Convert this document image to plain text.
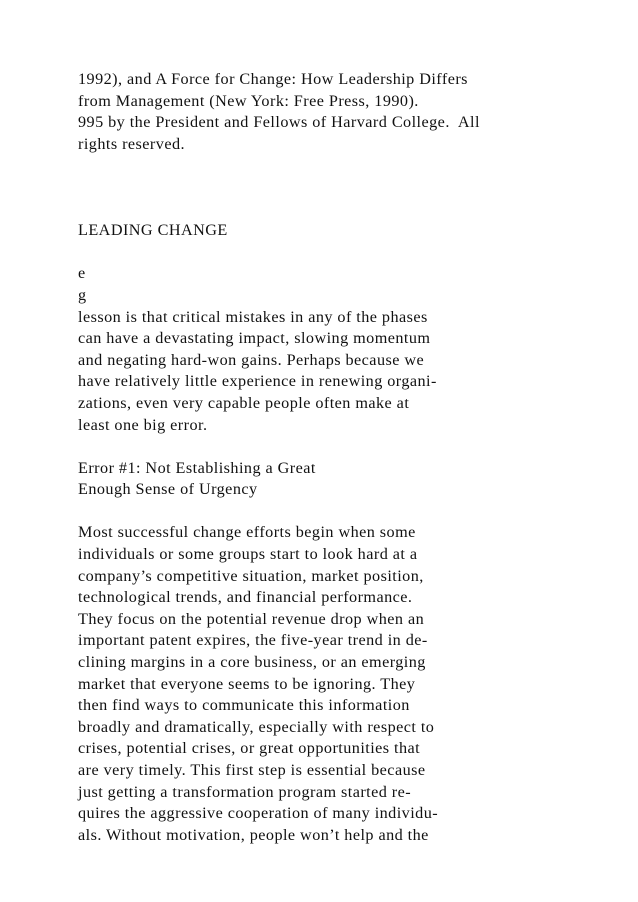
1992), and A Force for Change: How Leadership Differs
from Management (New York: Free Press, 1990).
995 by the President and Fellows of Harvard College.  All
rights reserved.
LEADING CHANGE
e
g
lesson is that critical mistakes in any of the phases
can have a devastating impact, slowing momentum
and negating hard-won gains. Perhaps because we
have relatively little experience in renewing organi-
zations, even very capable people often make at
least one big error.
Error #1: Not Establishing a Great
Enough Sense of Urgency
Most successful change efforts begin when some
individuals or some groups start to look hard at a
company’s competitive situation, market position,
technological trends, and financial performance.
They focus on the potential revenue drop when an
important patent expires, the five-year trend in de-
clining margins in a core business, or an emerging
market that everyone seems to be ignoring. They
then find ways to communicate this information
broadly and dramatically, especially with respect to
crises, potential crises, or great opportunities that
are very timely. This first step is essential because
just getting a transformation program started re-
quires the aggressive cooperation of many individu-
als. Without motivation, people won’t help and the
